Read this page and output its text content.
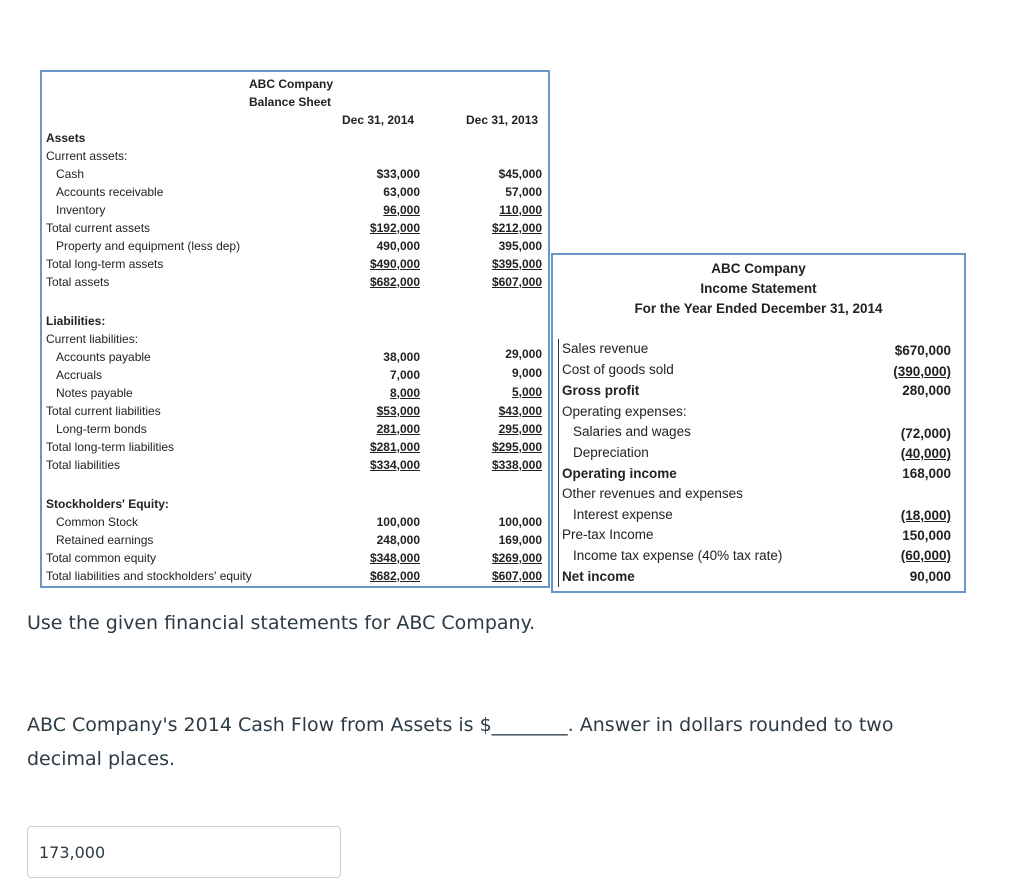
ABC Company
Balance Sheet
Dec 31, 2014	Dec 31, 2013
Assets
Current assets:
Cash	$33,000	$45,000
Accounts receivable	63,000	57,000
Inventory	96,000	110,000
Total current assets	$192,000	$212,000
Property and equipment (less dep)	490,000	395,000
Total long-term assets	$490,000	$395,000
Total assets	$682,000	$607,000
Liabilities:
Current liabilities:
Accounts payable	38,000	29,000
Accruals	7,000	9,000
Notes payable	8,000	5,000
Total current liabilities	$53,000	$43,000
Long-term bonds	281,000	295,000
Total long-term liabilities	$281,000	$295,000
Total liabilities	$334,000	$338,000
Stockholders' Equity:
Common Stock	100,000	100,000
Retained earnings	248,000	169,000
Total common equity	$348,000	$269,000
Total liabilities and stockholders' equity	$682,000	$607,000
ABC Company
Income Statement
For the Year Ended December 31, 2014
Sales revenue	$670,000
Cost of goods sold	(390,000)
Gross profit	280,000
Operating expenses:
Salaries and wages	(72,000)
Depreciation	(40,000)
Operating income	168,000
Other revenues and expenses
Interest expense	(18,000)
Pre-tax Income	150,000
Income tax expense (40% tax rate)	(60,000)
Net income	90,000
Use the given financial statements for ABC Company.
ABC Company's 2014 Cash Flow from Assets is $________. Answer in dollars rounded to two
decimal places.
173,000
